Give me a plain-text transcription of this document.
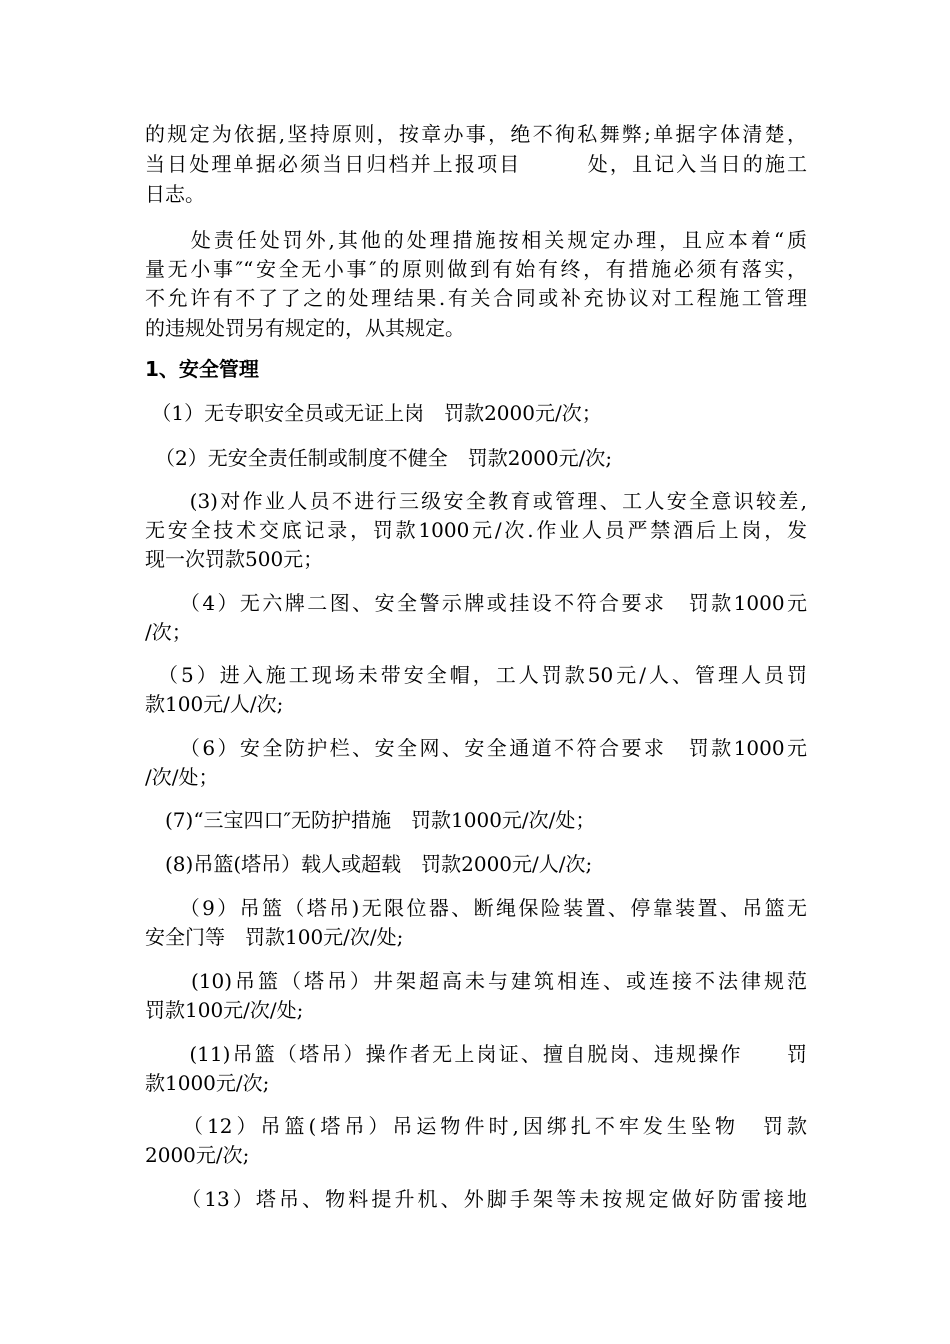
的规定为依据,坚持原则，按章办事，绝不徇私舞弊;单据字体清楚，
当日处理单据必须当日归档并上报项目　　　处，且记入当日的施工
日志。
　　处责任处罚外,其他的处理措施按相关规定办理，且应本着“质
量无小事″“安全无小事″的原则做到有始有终，有措施必须有落实，
不允许有不了了之的处理结果.有关合同或补充协议对工程施工管理
的违规处罚另有规定的，从其规定。
1、安全管理
（1）无专职安全员或无证上岗　罚款2000元/次；
　（2）无安全责任制或制度不健全　罚款2000元/次;
　　(3)对作业人员不进行三级安全教育或管理、工人安全意识较差,
无安全技术交底记录，罚款1000元/次.作业人员严禁酒后上岗，发
现一次罚款500元；
　　（4）无六牌二图、安全警示牌或挂设不符合要求　罚款1000元
/次；
　（5）进入施工现场未带安全帽，工人罚款50元/人、管理人员罚
款100元/人/次;
　　（6）安全防护栏、安全网、安全通道不符合要求　罚款1000元
/次/处；
　(7)“三宝四口″无防护措施　罚款1000元/次/处；
　(8)吊篮(塔吊）载人或超载　罚款2000元/人/次;
　　（9）吊篮（塔吊)无限位器、断绳保险装置、停靠装置、吊篮无
安全门等　罚款100元/次/处;
　　(10)吊篮（塔吊）井架超高未与建筑相连、或连接不法律规范
罚款100元/次/处;
　　(11)吊篮（塔吊）操作者无上岗证、擅自脱岗、违规操作　　罚
款1000元/次;
　　（12）吊篮(塔吊）吊运物件时,因绑扎不牢发生坠物　罚款
2000元/次;
　　（13）塔吊、物料提升机、外脚手架等未按规定做好防雷接地
